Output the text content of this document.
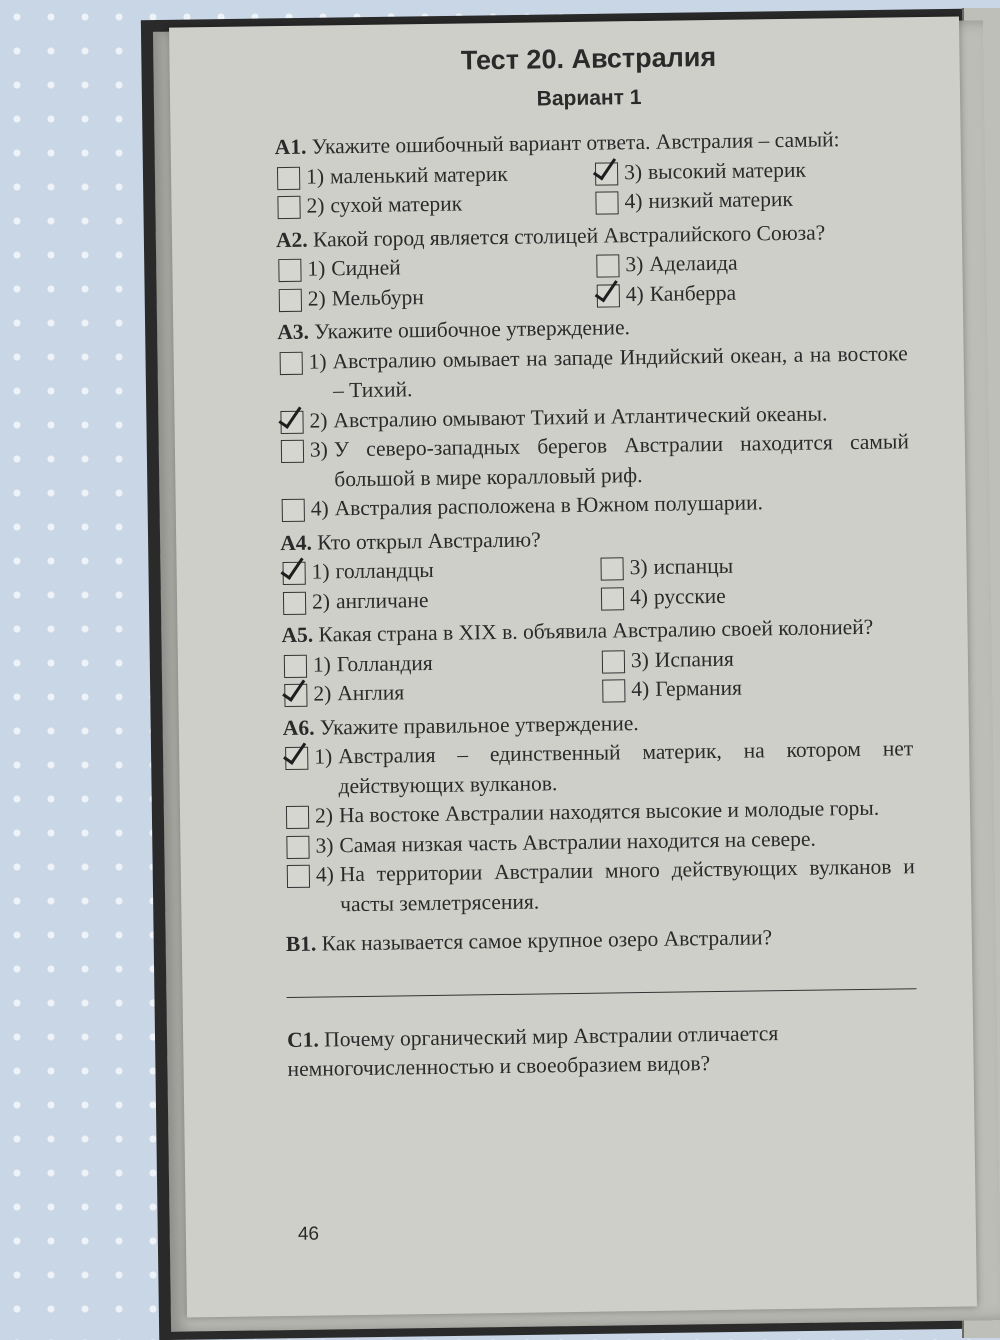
Тест 20. Австралия
Вариант 1

А1. Укажите ошибочный вариант ответа. Австралия – самый:

1) маленький материк	3) высокий материк
2) сухой материк	4) низкий материк

А2. Какой город является столицей Австралийского Союза?

1) Сидней	3) Аделаида
2) Мельбурн	4) Канберра

А3. Укажите ошибочное утверждение.

1) Австралию омывает на западе Индийский океан, а на востоке – Тихий.
2) Австралию омывают Тихий и Атлантический океаны.
3) У северо-западных берегов Австралии находится самый большой в мире коралловый риф.
4) Австралия расположена в Южном полушарии.

А4. Кто открыл Австралию?

1) голландцы	3) испанцы
2) англичане	4) русские

А5. Какая страна в XIX в. объявила Австралию своей колонией?

1) Голландия	3) Испания
2) Англия	4) Германия

А6. Укажите правильное утверждение.

1) Австралия – единственный материк, на котором нет действующих вулканов.
2) На востоке Австралии находятся высокие и молодые горы.
3) Самая низкая часть Австралии находится на севере.
4) На территории Австралии много действующих вулканов и часты землетрясения.

В1. Как называется самое крупное озеро Австралии?

С1. Почему органический мир Австралии отличается немногочисленностью и своеобразием видов?

46
